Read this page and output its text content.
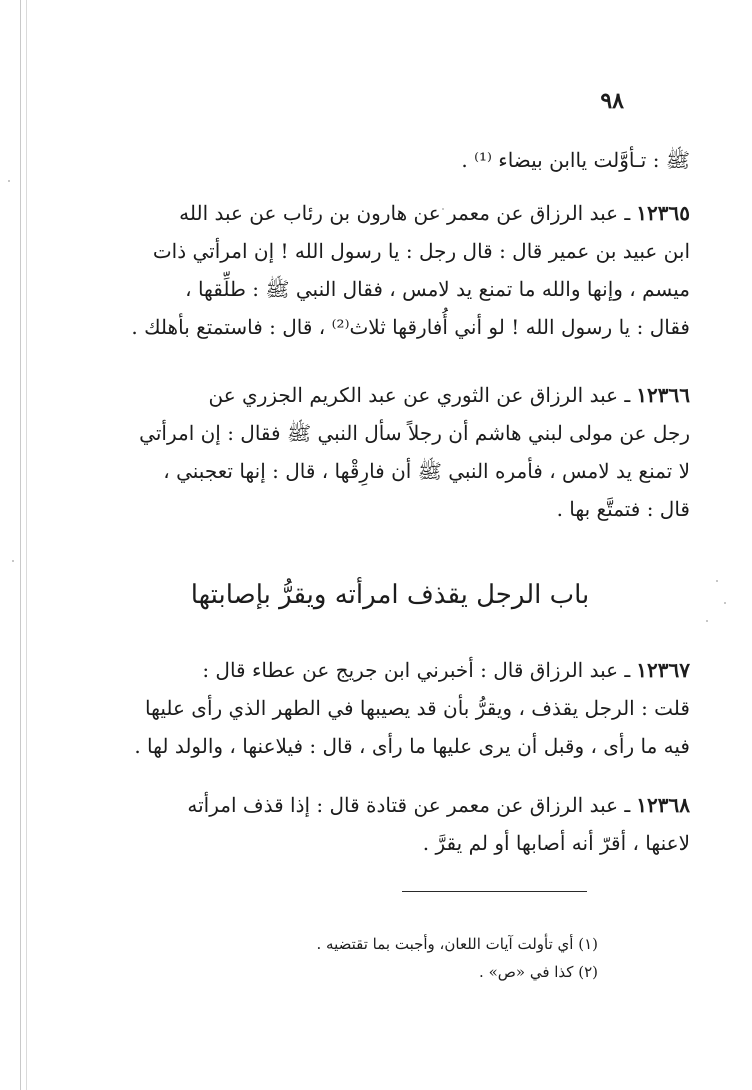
٩٨
ﷺ : تـأوَّلت ياابن بيضاء ⁽¹⁾ .
١٢٣٦٥ـ عبد الرزاق عن معمر عن هارون بن رئاب عن عبد الله
ابن عبيد بن عمير قال : قال رجل : يا رسول الله ! إن امرأتي ذات
ميسم ، وإنها والله ما تمنع يد لامس ، فقال النبي ﷺ : طلِّقها ،
فقال : يا رسول الله ! لو أني أُفارقها ثلاث⁽²⁾ ، قال : فاستمتع بأهلك .
١٢٣٦٦ـ عبد الرزاق عن الثوري عن عبد الكريم الجزري عن
رجل عن مولى لبني هاشم أن رجلاً سأل النبي ﷺ فقال : إن امرأتي
لا تمنع يد لامس ، فأمره النبي ﷺ أن فارِقْها ، قال : إنها تعجبني ،
قال : فتمتَّع بها .
باب الرجل يقذف امرأته ويقرُّ بإصابتها
١٢٣٦٧ـ عبد الرزاق قال : أخبرني ابن جريج عن عطاء قال :
قلت : الرجل يقذف ، ويقرُّ بأن قد يصيبها في الطهر الذي رأى عليها
فيه ما رأى ، وقبل أن يرى عليها ما رأى ، قال : فيلاعنها ، والولد لها .
١٢٣٦٨ـ عبد الرزاق عن معمر عن قتادة قال : إذا قذف امرأته
لاعنها ، أقرّ أنه أصابها أو لم يقرَّ .
(١) أي تأولت آيات اللعان، وأجبت بما تقتضيه .
(٢) كذا في «ص» .
